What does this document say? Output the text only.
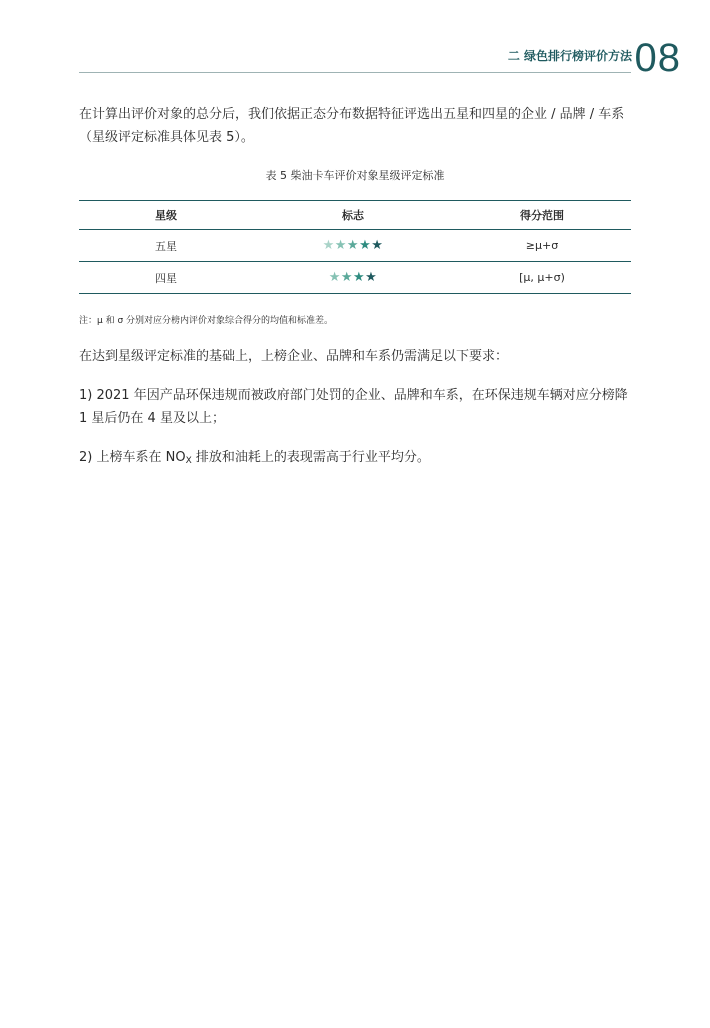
二 绿色排行榜评价方法 08
在计算出评价对象的总分后，我们依据正态分布数据特征评选出五星和四星的企业 / 品牌 / 车系（星级评定标准具体见表 5）。
表 5 柴油卡车评价对象星级评定标准
星级	标志	得分范围
五星	★★★★★	≥μ+σ
四星	★★★★	[μ, μ+σ)
注：μ 和 σ 分别对应分榜内评价对象综合得分的均值和标准差。
在达到星级评定标准的基础上，上榜企业、品牌和车系仍需满足以下要求：
1) 2021 年因产品环保违规而被政府部门处罚的企业、品牌和车系，在环保违规车辆对应分榜降 1 星后仍在 4 星及以上；
2) 上榜车系在 $NO_X$ 排放和油耗上的表现需高于行业平均分。
